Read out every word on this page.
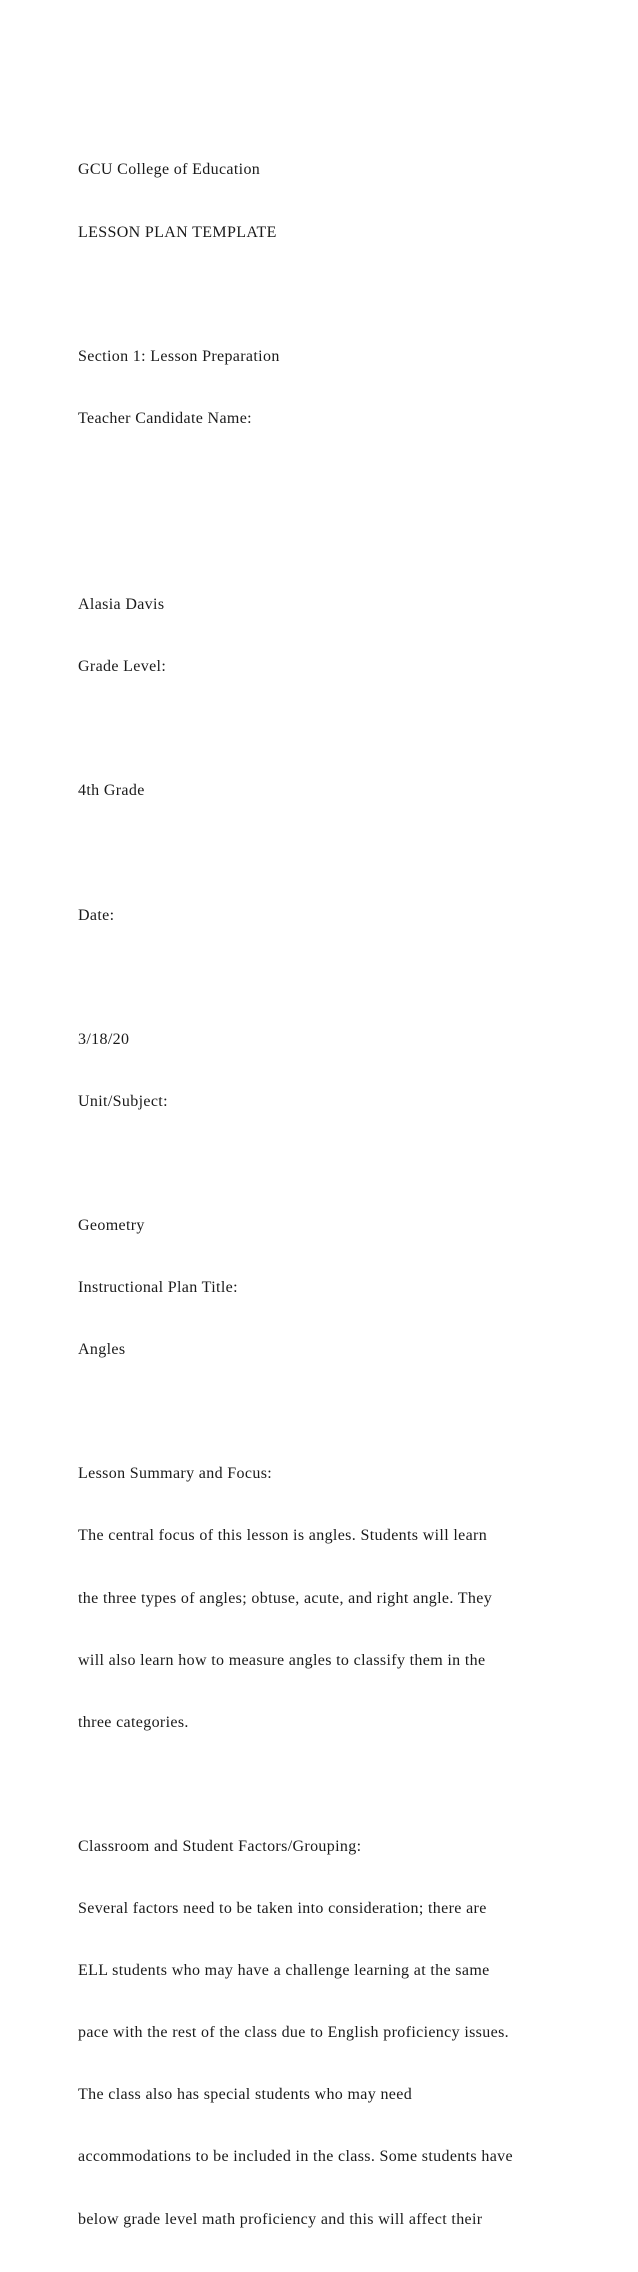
GCU College of Education

LESSON PLAN TEMPLATE

Section 1: Lesson Preparation

Teacher Candidate Name:

Alasia Davis

Grade Level:

4th Grade

Date:

3/18/20

Unit/Subject:

Geometry

Instructional Plan Title:

Angles

Lesson Summary and Focus:

The central focus of this lesson is angles. Students will learn

the three types of angles; obtuse, acute, and right angle. They

will also learn how to measure angles to classify them in the

three categories.

Classroom and Student Factors/Grouping:

Several factors need to be taken into consideration; there are

ELL students who may have a challenge learning at the same

pace with the rest of the class due to English proficiency issues.

The class also has special students who may need

accommodations to be included in the class. Some students have

below grade level math proficiency and this will affect their
